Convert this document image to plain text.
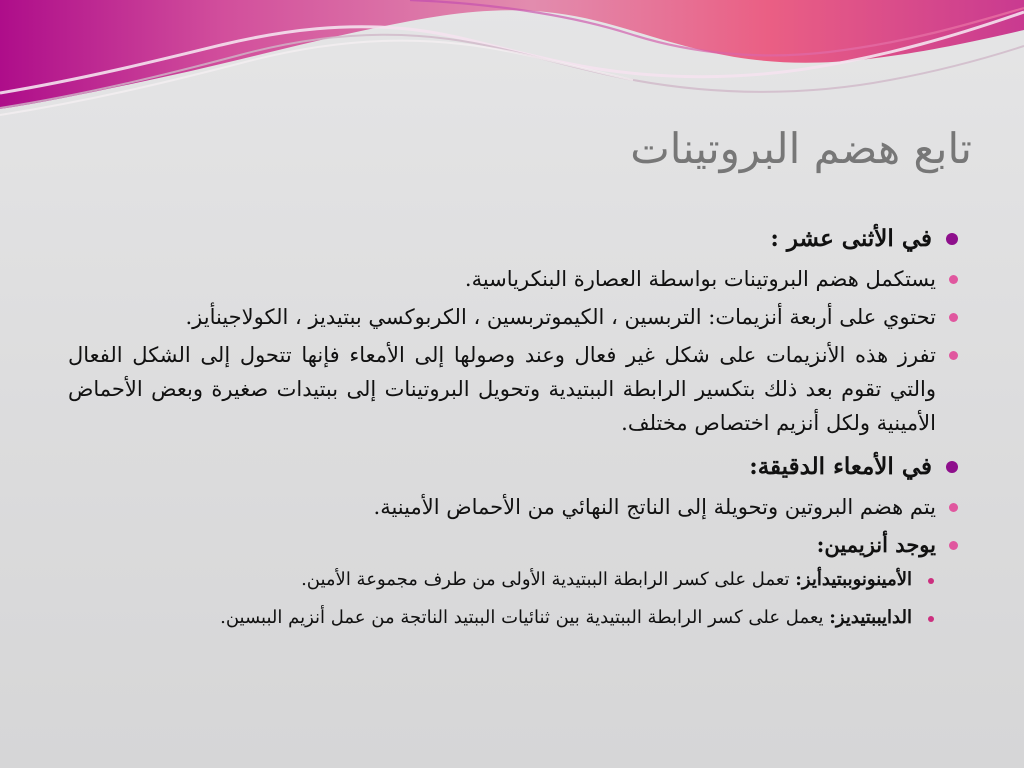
تابع هضم البروتينات
في الأثنى عشر :
يستكمل هضم البروتينات بواسطة العصارة البنكرياسية.
تحتوي على أربعة أنزيمات: التربسين ، الكيموتربسين ، الكربوكسي ببتيديز ، الكولاجينأيز.
تفرز هذه الأنزيمات على شكل غير فعال وعند وصولها إلى الأمعاء فإنها تتحول إلى الشكل الفعال والتي تقوم بعد ذلك بتكسير الرابطة الببتيدية وتحويل البروتينات إلى ببتيدات صغيرة وبعض الأحماض الأمينية ولكل أنزيم اختصاص مختلف.
في الأمعاء الدقيقة:
يتم هضم البروتين وتحويلة إلى الناتج النهائي من الأحماض الأمينية.
يوجد أنزيمين:
الأمينونوببتيدأيز: تعمل على كسر الرابطة الببتيدية الأولى من طرف مجموعة الأمين.
الدايببتيديز: يعمل على كسر الرابطة الببتيدية بين ثنائيات الببتيد الناتجة من عمل أنزيم الببسين.
